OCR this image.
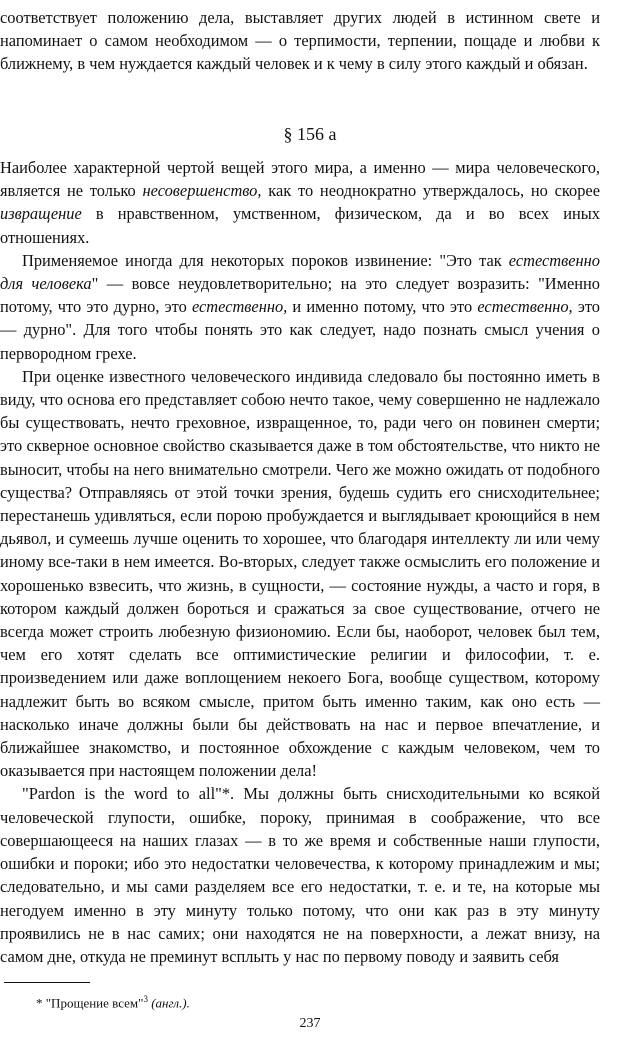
соответствует положению дела, выставляет других людей в истинном свете и напоминает о самом необходимом — о терпимости, терпении, пощаде и любви к ближнему, в чем нуждается каждый человек и к чему в силу этого каждый и обязан.

§ 156 а

Наиболее характерной чертой вещей этого мира, а именно — мира человеческого, является не только несовершенство, как то неоднократно утверждалось, но скорее извращение в нравственном, умственном, физическом, да и во всех иных отношениях.

Применяемое иногда для некоторых пороков извинение: "Это так естественно для человека" — вовсе неудовлетворительно; на это следует возразить: "Именно потому, что это дурно, это естественно, и именно потому, что это естественно, это — дурно". Для того чтобы понять это как следует, надо познать смысл учения о первородном грехе.

При оценке известного человеческого индивида следовало бы постоянно иметь в виду, что основа его представляет собою нечто такое, чему совершенно не надлежало бы существовать, нечто греховное, извращенное, то, ради чего он повинен смерти; это скверное основное свойство сказывается даже в том обстоятельстве, что никто не выносит, чтобы на него внимательно смотрели. Чего же можно ожидать от подобного существа? Отправляясь от этой точки зрения, будешь судить его снисходительнее; перестанешь удивляться, если порою пробуждается и выглядывает кроющийся в нем дьявол, и сумеешь лучше оценить то хорошее, что благодаря интеллекту ли или чему иному все-таки в нем имеется. Во-вторых, следует также осмыслить его положение и хорошенько взвесить, что жизнь, в сущности, — состояние нужды, а часто и горя, в котором каждый должен бороться и сражаться за свое существование, отчего не всегда может строить любезную физиономию. Если бы, наоборот, человек был тем, чем его хотят сделать все оптимистические религии и философии, т. е. произведением или даже воплощением некоего Бога, вообще существом, которому надлежит быть во всяком смысле, притом быть именно таким, как оно есть — насколько иначе должны были бы действовать на нас и первое впечатление, и ближайшее знакомство, и постоянное обхождение с каждым человеком, чем то оказывается при настоящем положении дела!

"Pardon is the word to all"*. Мы должны быть снисходительными ко всякой человеческой глупости, ошибке, пороку, принимая в соображение, что все совершающееся на наших глазах — в то же время и собственные наши глупости, ошибки и пороки; ибо это недостатки человечества, к которому принадлежим и мы; следовательно, и мы сами разделяем все его недостатки, т. е. и те, на которые мы негодуем именно в эту минуту только потому, что они как раз в эту минуту проявились не в нас самих; они находятся не на поверхности, а лежат внизу, на самом дне, откуда не преминут всплыть у нас по первому поводу и заявить себя

* "Прощение всем"$^3$ (англ.).

237
